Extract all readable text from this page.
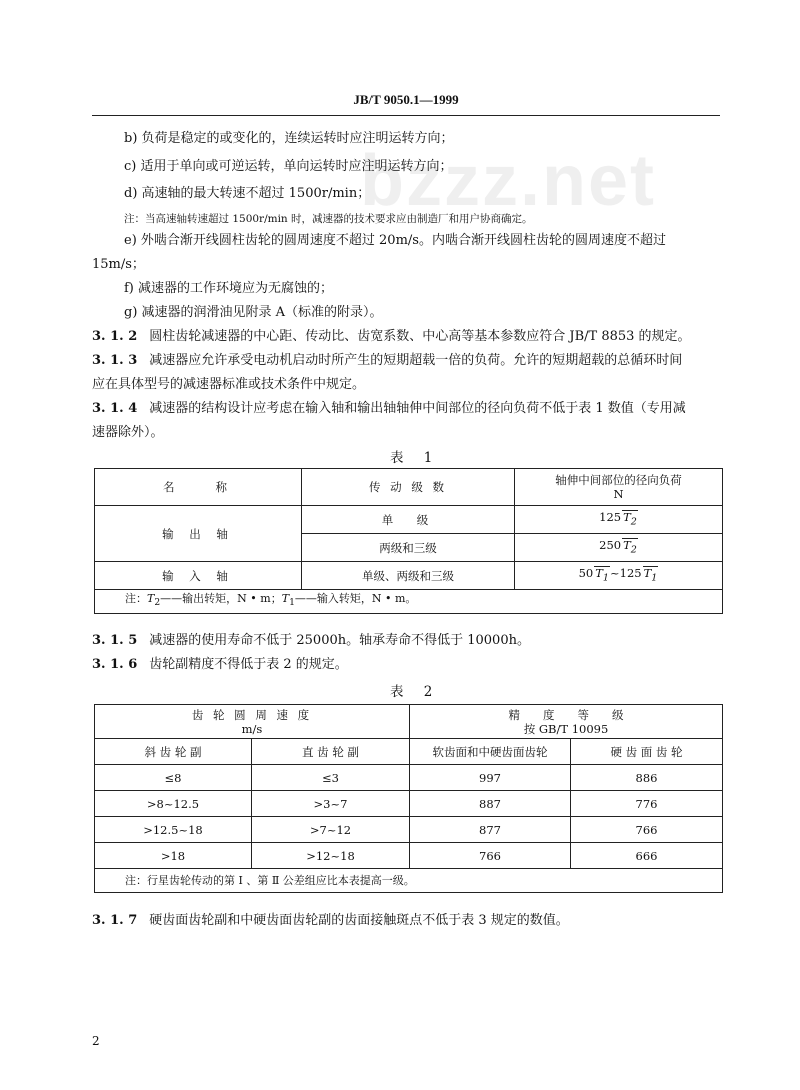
JB/T 9050.1—1999
bzzz.net
b) 负荷是稳定的或变化的，连续运转时应注明运转方向；
c) 适用于单向或可逆运转，单向运转时应注明运转方向；
d) 高速轴的最大转速不超过 1500r/min；
注：当高速轴转速超过 1500r/min 时，减速器的技术要求应由制造厂和用户协商确定。
e) 外啮合渐开线圆柱齿轮的圆周速度不超过 20m/s。内啮合渐开线圆柱齿轮的圆周速度不超过
15m/s；
f) 减速器的工作环境应为无腐蚀的；
g) 减速器的润滑油见附录 A（标准的附录）。
3. 1. 2 圆柱齿轮减速器的中心距、传动比、齿宽系数、中心高等基本参数应符合 JB/T 8853 的规定。
3. 1. 3 减速器应允许承受电动机启动时所产生的短期超载一倍的负荷。允许的短期超载的总循环时间
应在具体型号的减速器标准或技术条件中规定。
3. 1. 4 减速器的结构设计应考虑在输入轴和输出轴轴伸中间部位的径向负荷不低于表 1 数值（专用减
速器除外）。
表 1
名　　称	传 动 级 数	轴伸中间部位的径向负荷
N
输 出 轴	单　级	125 $T_2$
	两级和三级	250 $T_2$
输 入 轴	单级、两级和三级	50 $T_1\sim 125$ $T_1$
注：$T_2——$输出转矩，N • m；$T_1——$输入转矩，N • m。		
3. 1. 5 减速器的使用寿命不低于 25000h。轴承寿命不得低于 10000h。
3. 1. 6 齿轮副精度不得低于表 2 的规定。
表 2
齿 轮 圆 周 速 度
m/s		精　　度　　等　　级
按 GB/T 10095	
斜 齿 轮 副	直 齿 轮 副	软齿面和中硬齿面齿轮	硬 齿 面 齿 轮
≤8	≤3	997	886
>8~12.5	>3~7	887	776
>12.5~18	>7~12	877	766
>18	>12~18	766	666
注：行星齿轮传动的第 Ⅰ 、第 Ⅱ 公差组应比本表提高一级。			
3. 1. 7 硬齿面齿轮副和中硬齿面齿轮副的齿面接触斑点不低于表 3 规定的数值。
2
